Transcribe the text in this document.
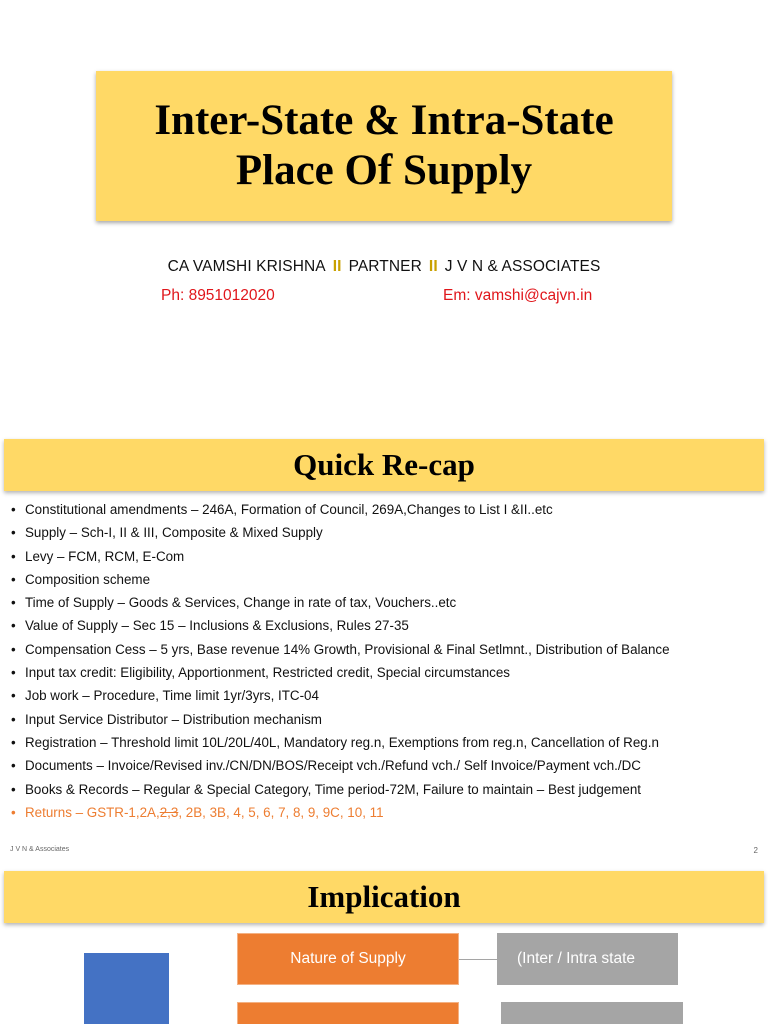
Inter-State & Intra-State
Place Of Supply
CA VAMSHI KRISHNA II PARTNER II J V N & ASSOCIATES
Ph: 8951012020	Em: vamshi@cajvn.in
Quick Re-cap
• Constitutional amendments – 246A, Formation of Council, 269A,Changes to List I &II..etc
• Supply – Sch-I, II & III, Composite & Mixed Supply
• Levy – FCM, RCM, E-Com
• Composition scheme
• Time of Supply – Goods & Services, Change in rate of tax, Vouchers..etc
• Value of Supply – Sec 15 – Inclusions & Exclusions, Rules 27-35
• Compensation Cess – 5 yrs, Base revenue 14% Growth, Provisional & Final Setlmnt., Distribution of Balance
• Input tax credit: Eligibility, Apportionment, Restricted credit, Special circumstances
• Job work – Procedure, Time limit 1yr/3yrs, ITC-04
• Input Service Distributor – Distribution mechanism
• Registration – Threshold limit 10L/20L/40L, Mandatory reg.n, Exemptions from reg.n, Cancellation of Reg.n
• Documents – Invoice/Revised inv./CN/DN/BOS/Receipt vch./Refund vch./ Self Invoice/Payment vch./DC
• Books & Records – Regular & Special Category, Time period-72M, Failure to maintain – Best judgement
• Returns – GSTR-1,2A,2,3, 2B, 3B, 4, 5, 6, 7, 8, 9, 9C, 10, 11
J V N & Associates	2
Implication
Nature of Supply	(Inter / Intra state
